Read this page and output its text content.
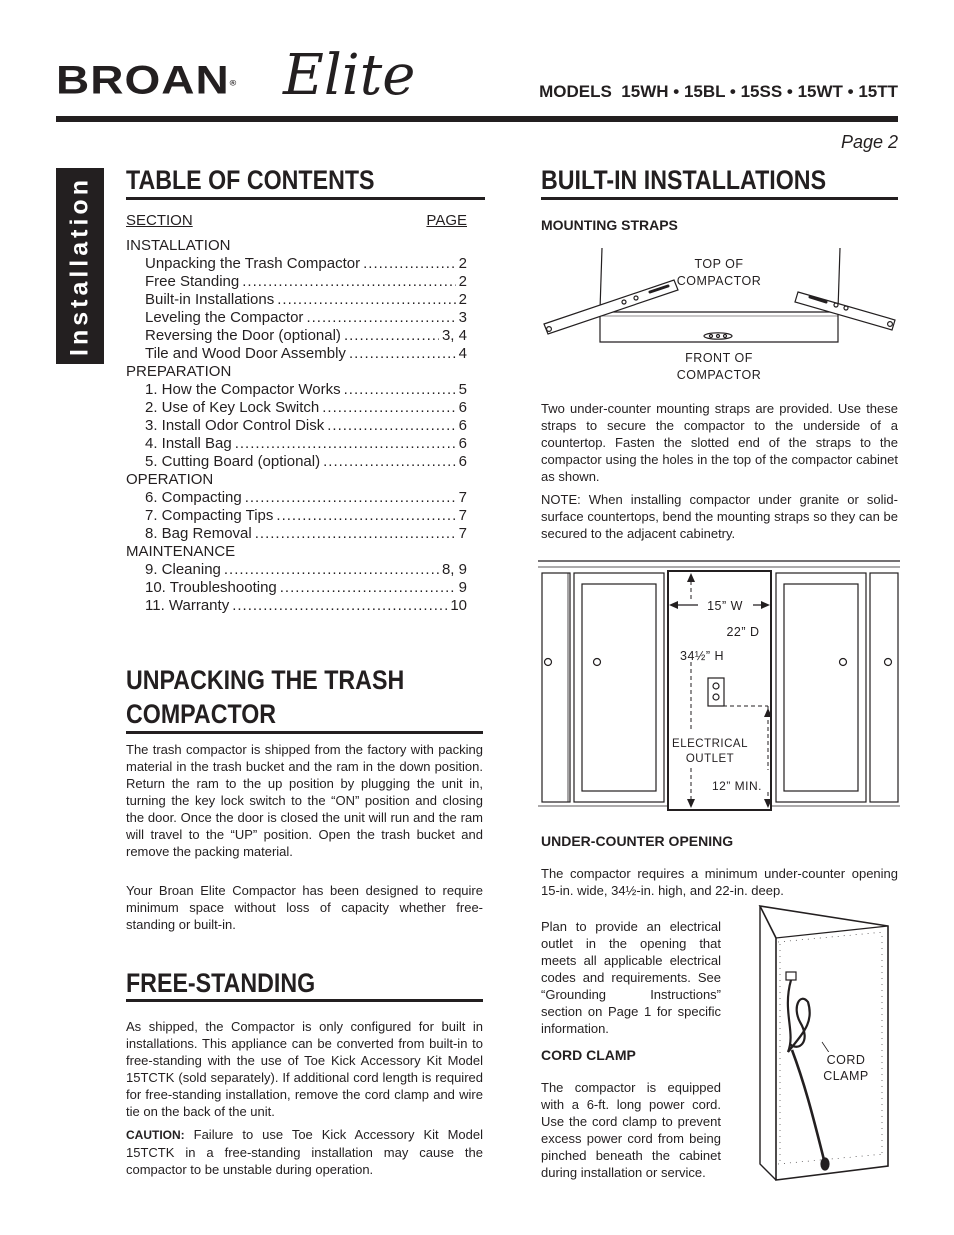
BROAN® Elite	MODELS  15WH • 15BL • 15SS • 15WT • 15TT
Page 2
Installation TABLE OF CONTENTS
SECTION	PAGE
INSTALLATION
Unpacking the Trash Compactor .....	2
Free Standing .....	2
Built-in Installations .....	2
Leveling the Compactor .....	3
Reversing the Door (optional) .....	3, 4
Tile and Wood Door Assembly .....	4
PREPARATION
1. How the Compactor Works .....	5
2. Use of Key Lock Switch .....	6
3. Install Odor Control Disk .....	6
4. Install Bag .....	6
5. Cutting Board (optional) .....	6
OPERATION
6. Compacting .....	7
7. Compacting Tips .....	7
8. Bag Removal .....	7
MAINTENANCE
9. Cleaning .....	8, 9
10. Troubleshooting .....	9
11. Warranty .....	10
UNPACKING THE TRASH
COMPACTOR
The trash compactor is shipped from the factory with packing material in the trash bucket and the ram in the down position. Return the ram to the up position by plugging the unit in, turning the key lock switch to the “ON” position and closing the door. Once the door is closed the unit will run and the ram will travel to the “UP” position. Open the trash bucket and remove the packing material.
Your Broan Elite Compactor has been designed to require minimum space without loss of capacity whether free-standing or built-in.
FREE-STANDING
As shipped, the Compactor is only configured for built in installations. This appliance can be converted from built-in to free-standing with the use of Toe Kick Accessory Kit Model 15TCTK (sold separately). If additional cord length is required for free-standing installation, remove the cord clamp and wire tie on the back of the unit.
CAUTION: Failure to use Toe Kick Accessory Kit Model 15TCTK in a free-standing installation may cause the compactor to be unstable during operation.
BUILT-IN INSTALLATIONS
MOUNTING STRAPS
TOP OF
COMPACTOR
FRONT OF
COMPACTOR
Two under-counter mounting straps are provided. Use these straps to secure the compactor to the underside of a countertop. Fasten the slotted end of the straps to the compactor using the holes in the top of the compactor cabinet as shown.
NOTE: When installing compactor under granite or solid-surface countertops, bend the mounting straps so they can be secured to the adjacent cabinetry.
15” W
22” D
34½” H
ELECTRICAL
OUTLET
12” MIN.
UNDER-COUNTER OPENING
The compactor requires a minimum under-counter opening 15-in. wide, 34½-in. high, and 22-in. deep.
Plan to provide an electrical outlet in the opening that meets all applicable electrical codes and requirements. See “Grounding Instructions” section on Page 1 for specific information.
CORD CLAMP
The compactor is equipped with a 6-ft. long power cord. Use the cord clamp to prevent excess power cord from being pinched beneath the cabinet during installation or service.
CORD
CLAMP
